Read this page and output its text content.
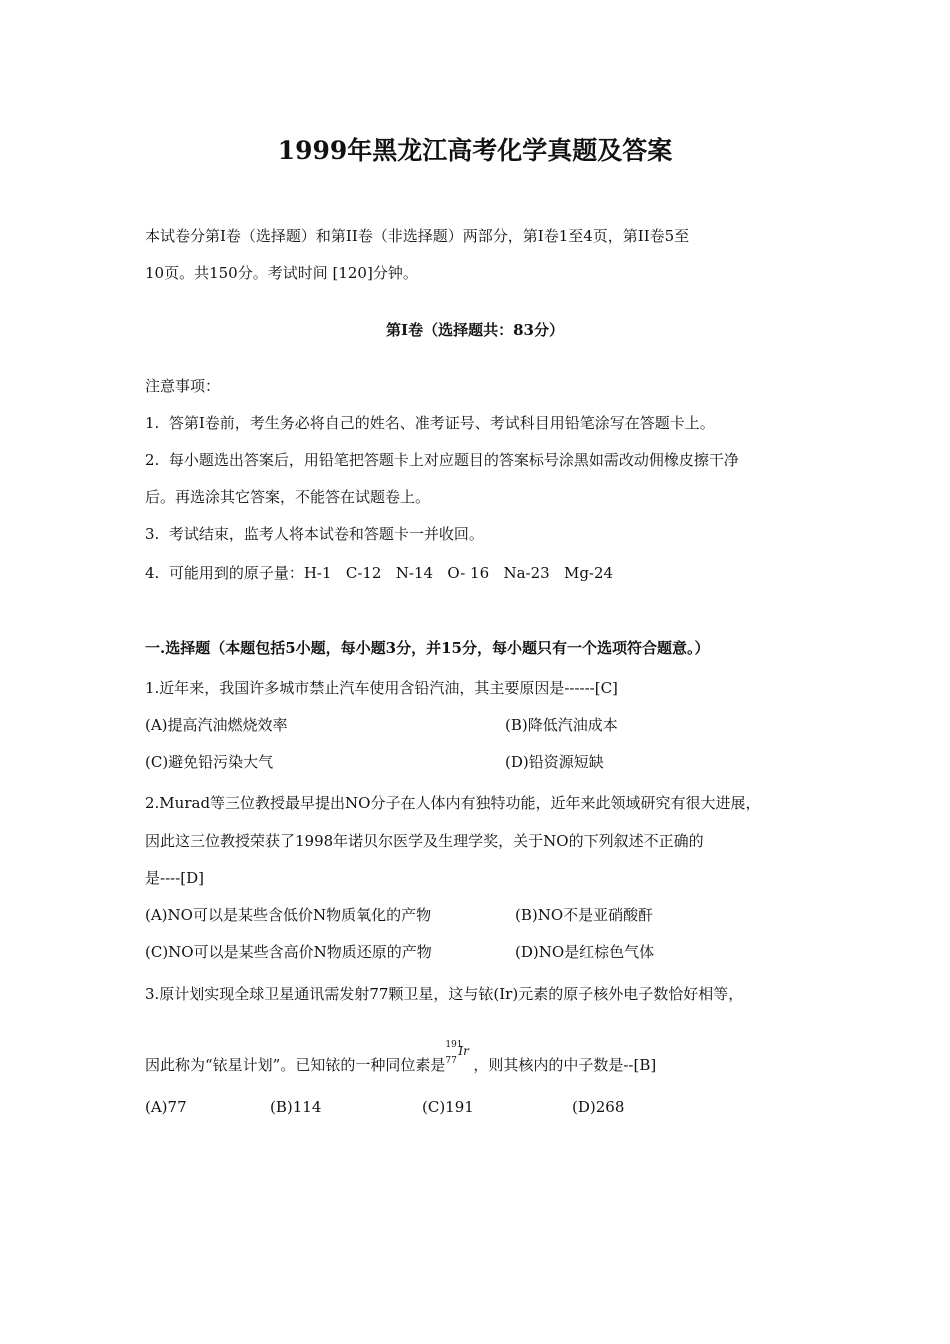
1999年黑龙江高考化学真题及答案
本试卷分第Ⅰ卷（选择题）和第II卷（非选择题）两部分，第Ⅰ卷1至4页，第II卷5至
10页。共150分。考试时间 [120]分钟。
第Ⅰ卷（选择题共：83分）
注意事项：
1.  答第Ⅰ卷前，考生务必将自己的姓名、准考证号、考试科目用铅笔涂写在答题卡上。
2.  每小题选出答案后，用铅笔把答题卡上对应题目的答案标号涂黑如需改动佣橡皮擦干净
后。再选涂其它答案，不能答在试题卷上。
3.  考试结束，监考人将本试卷和答题卡一并收回。
4.  可能用到的原子量：H-1   C-12   N-14   O- 16   Na-23   Mg-24
一.选择题（本题包括5小题，每小题3分，并15分，每小题只有一个选项符合题意。）
1.近年来，我国许多城市禁止汽车使用含铅汽油，其主要原因是------[C]
(A)提高汽油燃烧效率	(B)降低汽油成本
(C)避免铅污染大气	(D)铅资源短缺
2.Murad等三位教授最早提出NO分子在人体内有独特功能，近年来此领域研究有很大进展，
因此这三位教授荣获了1998年诺贝尔医学及生理学奖，关于NO的下列叙述不正确的
是----[D]
(A)NO可以是某些含低价N物质氧化的产物	(B)NO不是亚硝酸酐
(C)NO可以是某些含高价N物质还原的产物	(D)NO是红棕色气体
3.原计划实现全球卫星通讯需发射77颗卫星，这与铱(Ir)元素的原子核外电子数恰好相等，
因此称为“铱星计划”。已知铱的一种同位素是
191
77
Ir
，则其核内的中子数是--[B]
(A)77	(B)114	(C)191	(D)268
